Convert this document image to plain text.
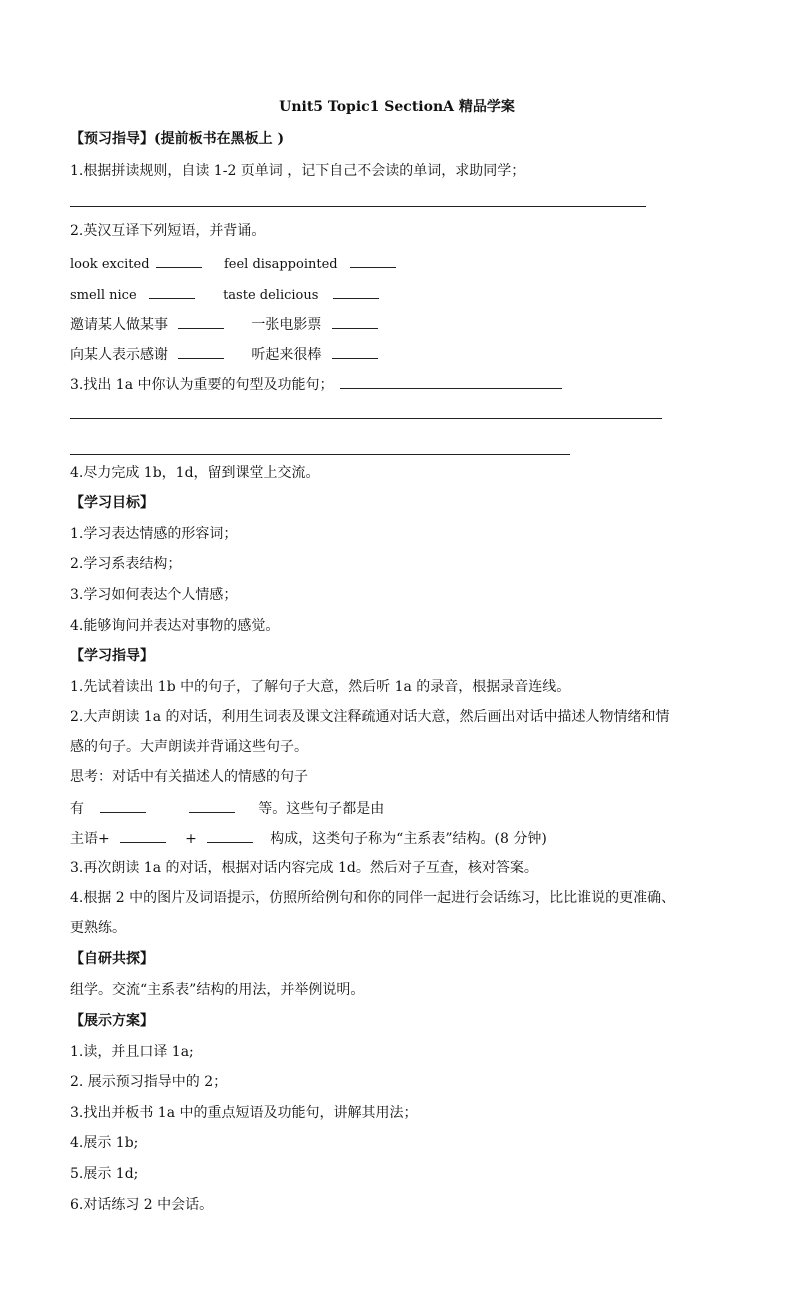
Unit5 Topic1 SectionA 精品学案
【预习指导】(提前板书在黑板上 )
1.根据拼读规则，自读 1-2 页单词 ，记下自己不会读的单词，求助同学；
2.英汉互译下列短语，并背诵。
look excited	feel disappointed
smell nice	taste delicious
邀请某人做某事	一张电影票
向某人表示感谢	听起来很棒
3.找出 1a 中你认为重要的句型及功能句；
4.尽力完成 1b，1d，留到课堂上交流。
【学习目标】
1.学习表达情感的形容词；
2.学习系表结构；
3.学习如何表达个人情感；
4.能够询问并表达对事物的感觉。
【学习指导】
1.先试着读出 1b 中的句子，了解句子大意，然后听 1a 的录音，根据录音连线。
2.大声朗读 1a 的对话，利用生词表及课文注释疏通对话大意，然后画出对话中描述人物情绪和情
感的句子。大声朗读并背诵这些句子。
思考：对话中有关描述人的情感的句子
有	等。这些句子都是由
主语+	+	构成，这类句子称为“主系表”结构。(8 分钟)
3.再次朗读 1a 的对话，根据对话内容完成 1d。然后对子互查，核对答案。
4.根据 2 中的图片及词语提示，仿照所给例句和你的同伴一起进行会话练习，比比谁说的更准确、
更熟练。
【自研共探】
组学。交流“主系表”结构的用法，并举例说明。
【展示方案】
1.读，并且口译 1a;
2. 展示预习指导中的 2；
3.找出并板书 1a 中的重点短语及功能句，讲解其用法；
4.展示 1b;
5.展示 1d;
6.对话练习 2 中会话。
